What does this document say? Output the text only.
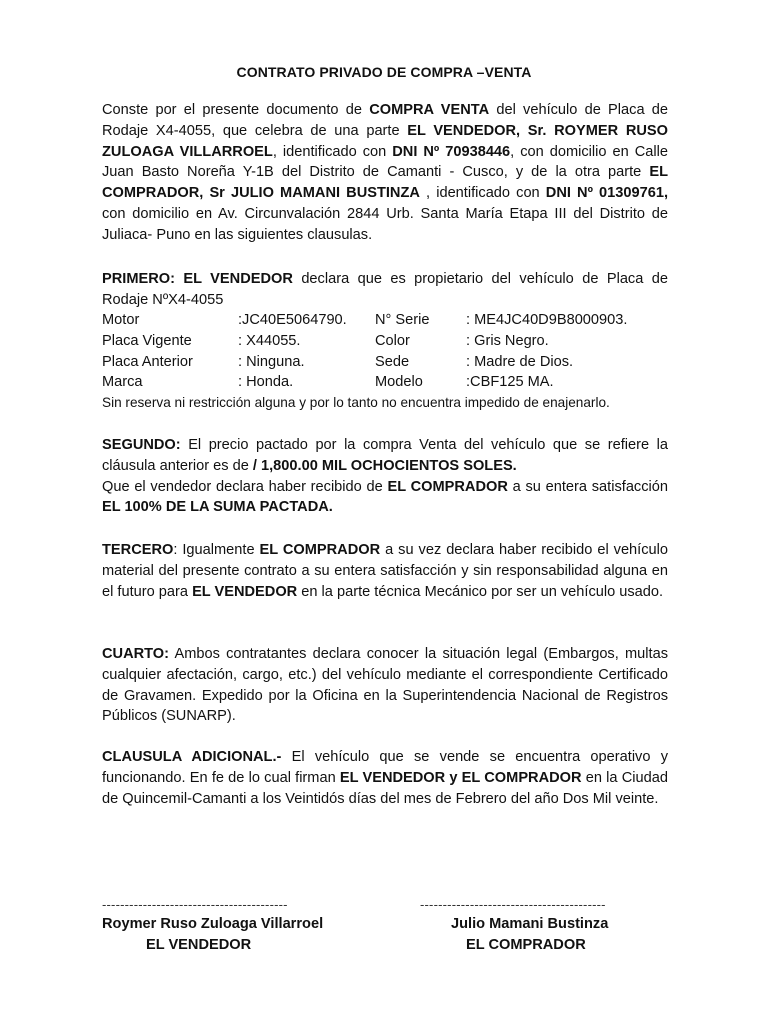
CONTRATO PRIVADO DE COMPRA –VENTA
Conste por el presente documento de COMPRA VENTA del vehículo de Placa de Rodaje X4-4055, que celebra de una parte EL VENDEDOR, Sr. ROYMER RUSO ZULOAGA VILLARROEL, identificado con DNI Nº 70938446, con domicilio en Calle Juan Basto Noreña Y-1B del Distrito de Camanti - Cusco, y de la otra parte EL COMPRADOR, Sr JULIO MAMANI BUSTINZA , identificado con DNI Nº 01309761, con domicilio en Av. Circunvalación 2844 Urb. Santa María Etapa III del Distrito de Juliaca- Puno en las siguientes clausulas.
PRIMERO: EL VENDEDOR declara que es propietario del vehículo de Placa de Rodaje NºX4-4055
Motor	:JC40E5064790. N° Serie	: ME4JC40D9B8000903.
Placa Vigente	: X44055.	Color	: Gris Negro.
Placa Anterior	: Ninguna.	Sede	: Madre de Dios.
Marca	: Honda.	Modelo	:CBF125 MA.
Sin reserva ni restricción alguna y por lo tanto no encuentra impedido de enajenarlo.
SEGUNDO: El precio pactado por la compra Venta del vehículo que se refiere la cláusula anterior es de / 1,800.00 MIL OCHOCIENTOS SOLES.
Que el vendedor declara haber recibido de EL COMPRADOR a su entera satisfacción EL 100% DE LA SUMA PACTADA.
TERCERO: Igualmente EL COMPRADOR a su vez declara haber recibido el vehículo material del presente contrato a su entera satisfacción y sin responsabilidad alguna en el futuro para EL VENDEDOR en la parte técnica Mecánico por ser un vehículo usado.
CUARTO: Ambos contratantes declara conocer la situación legal (Embargos, multas cualquier afectación, cargo, etc.) del vehículo mediante el correspondiente Certificado de Gravamen. Expedido por la Oficina en la Superintendencia Nacional de Registros Públicos (SUNARP).
CLAUSULA ADICIONAL.- El vehículo que se vende se encuentra operativo y funcionando. En fe de lo cual firman EL VENDEDOR y EL COMPRADOR en la Ciudad de Quincemil-Camanti a los Veintidós días del mes de Febrero del año Dos Mil veinte.
-----------------------------------------
Roymer Ruso Zuloaga Villarroel
EL VENDEDOR
-----------------------------------------
Julio Mamani Bustinza
EL COMPRADOR
